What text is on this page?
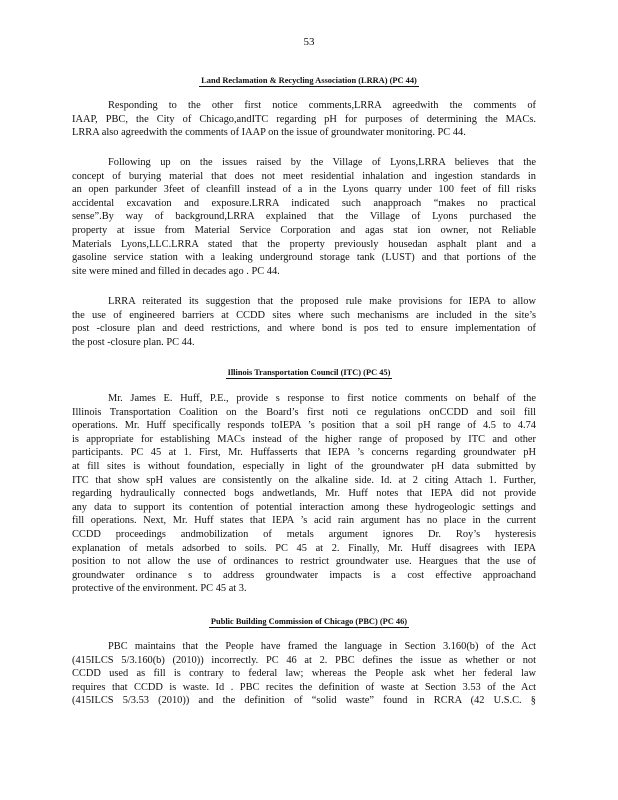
53
Land Reclamation & Recycling Association (LRRA) (PC 44)
Responding to the other first notice comments,LRRA agreedwith the comments of
IAAP, PBC, the City of Chicago,andITC regarding pH for purposes of determining the MACs.
LRRA also agreedwith the comments of IAAP on the issue of groundwater monitoring. PC 44.
Following up on the issues raised by the Village of Lyons,LRRA believes that the
concept of burying material that does not meet residential inhalation and ingestion standards in
an open parkunder 3feet of cleanfill instead of a in the Lyons quarry under 100 feet of fill risks
accidental excavation and exposure.LRRA indicated such anapproach “makes no practical
sense”.By way of background,LRRA explained that the Village of Lyons purchased the
property at issue from Material Service Corporation and agas stat ion owner, not Reliable
Materials Lyons,LLC.LRRA stated that the property previously housedan asphalt plant and a
gasoline service station with a leaking underground storage tank (LUST) and that portions of the
site were mined and filled in decades ago . PC 44.
LRRA reiterated its suggestion that the proposed rule make provisions for IEPA to allow
the use of engineered barriers at CCDD sites where such mechanisms are included in the site’s
post -closure plan and deed restrictions, and where bond is pos ted to ensure implementation of
the post -closure plan. PC 44.
Illinois Transportation Council (ITC) (PC 45)
Mr. James E. Huff, P.E., provide s response to first notice comments on behalf of the
Illinois Transportation Coalition on the Board’s first noti ce regulations onCCDD and soil fill
operations. Mr. Huff specifically responds toIEPA ’s position that a soil pH range of 4.5 to 4.74
is appropriate for establishing MACs instead of the higher range of proposed by ITC and other
participants. PC 45 at 1. First, Mr. Huffasserts that IEPA ’s concerns regarding groundwater pH
at fill sites is without foundation, especially in light of the groundwater pH data submitted by
ITC that show spH values are consistently on the alkaline side. Id. at 2 citing Attach 1. Further,
regarding hydraulically connected bogs andwetlands, Mr. Huff notes that IEPA did not provide
any data to support its contention of potential interaction among these hydrogeologic settings and
fill operations. Next, Mr. Huff states that IEPA ’s acid rain argument has no place in the current
CCDD proceedings andmobilization of metals argument ignores Dr. Roy’s hysteresis
explanation of metals adsorbed to soils. PC 45 at 2. Finally, Mr. Huff disagrees with IEPA
position to not allow the use of ordinances to restrict groundwater use. Heargues that the use of
groundwater ordinance s to address groundwater impacts is a cost effective approachand
protective of the environment. PC 45 at 3.
Public Building Commission of Chicago (PBC) (PC 46)
PBC maintains that the People have framed the language in Section 3.160(b) of the Act
(415ILCS 5/3.160(b) (2010)) incorrectly. PC 46 at 2. PBC defines the issue as whether or not
CCDD used as fill is contrary to federal law; whereas the People ask whet her federal law
requires that CCDD is waste. Id . PBC recites the definition of waste at Section 3.53 of the Act
(415ILCS 5/3.53 (2010)) and the definition of “solid waste” found in RCRA (42 U.S.C. §
